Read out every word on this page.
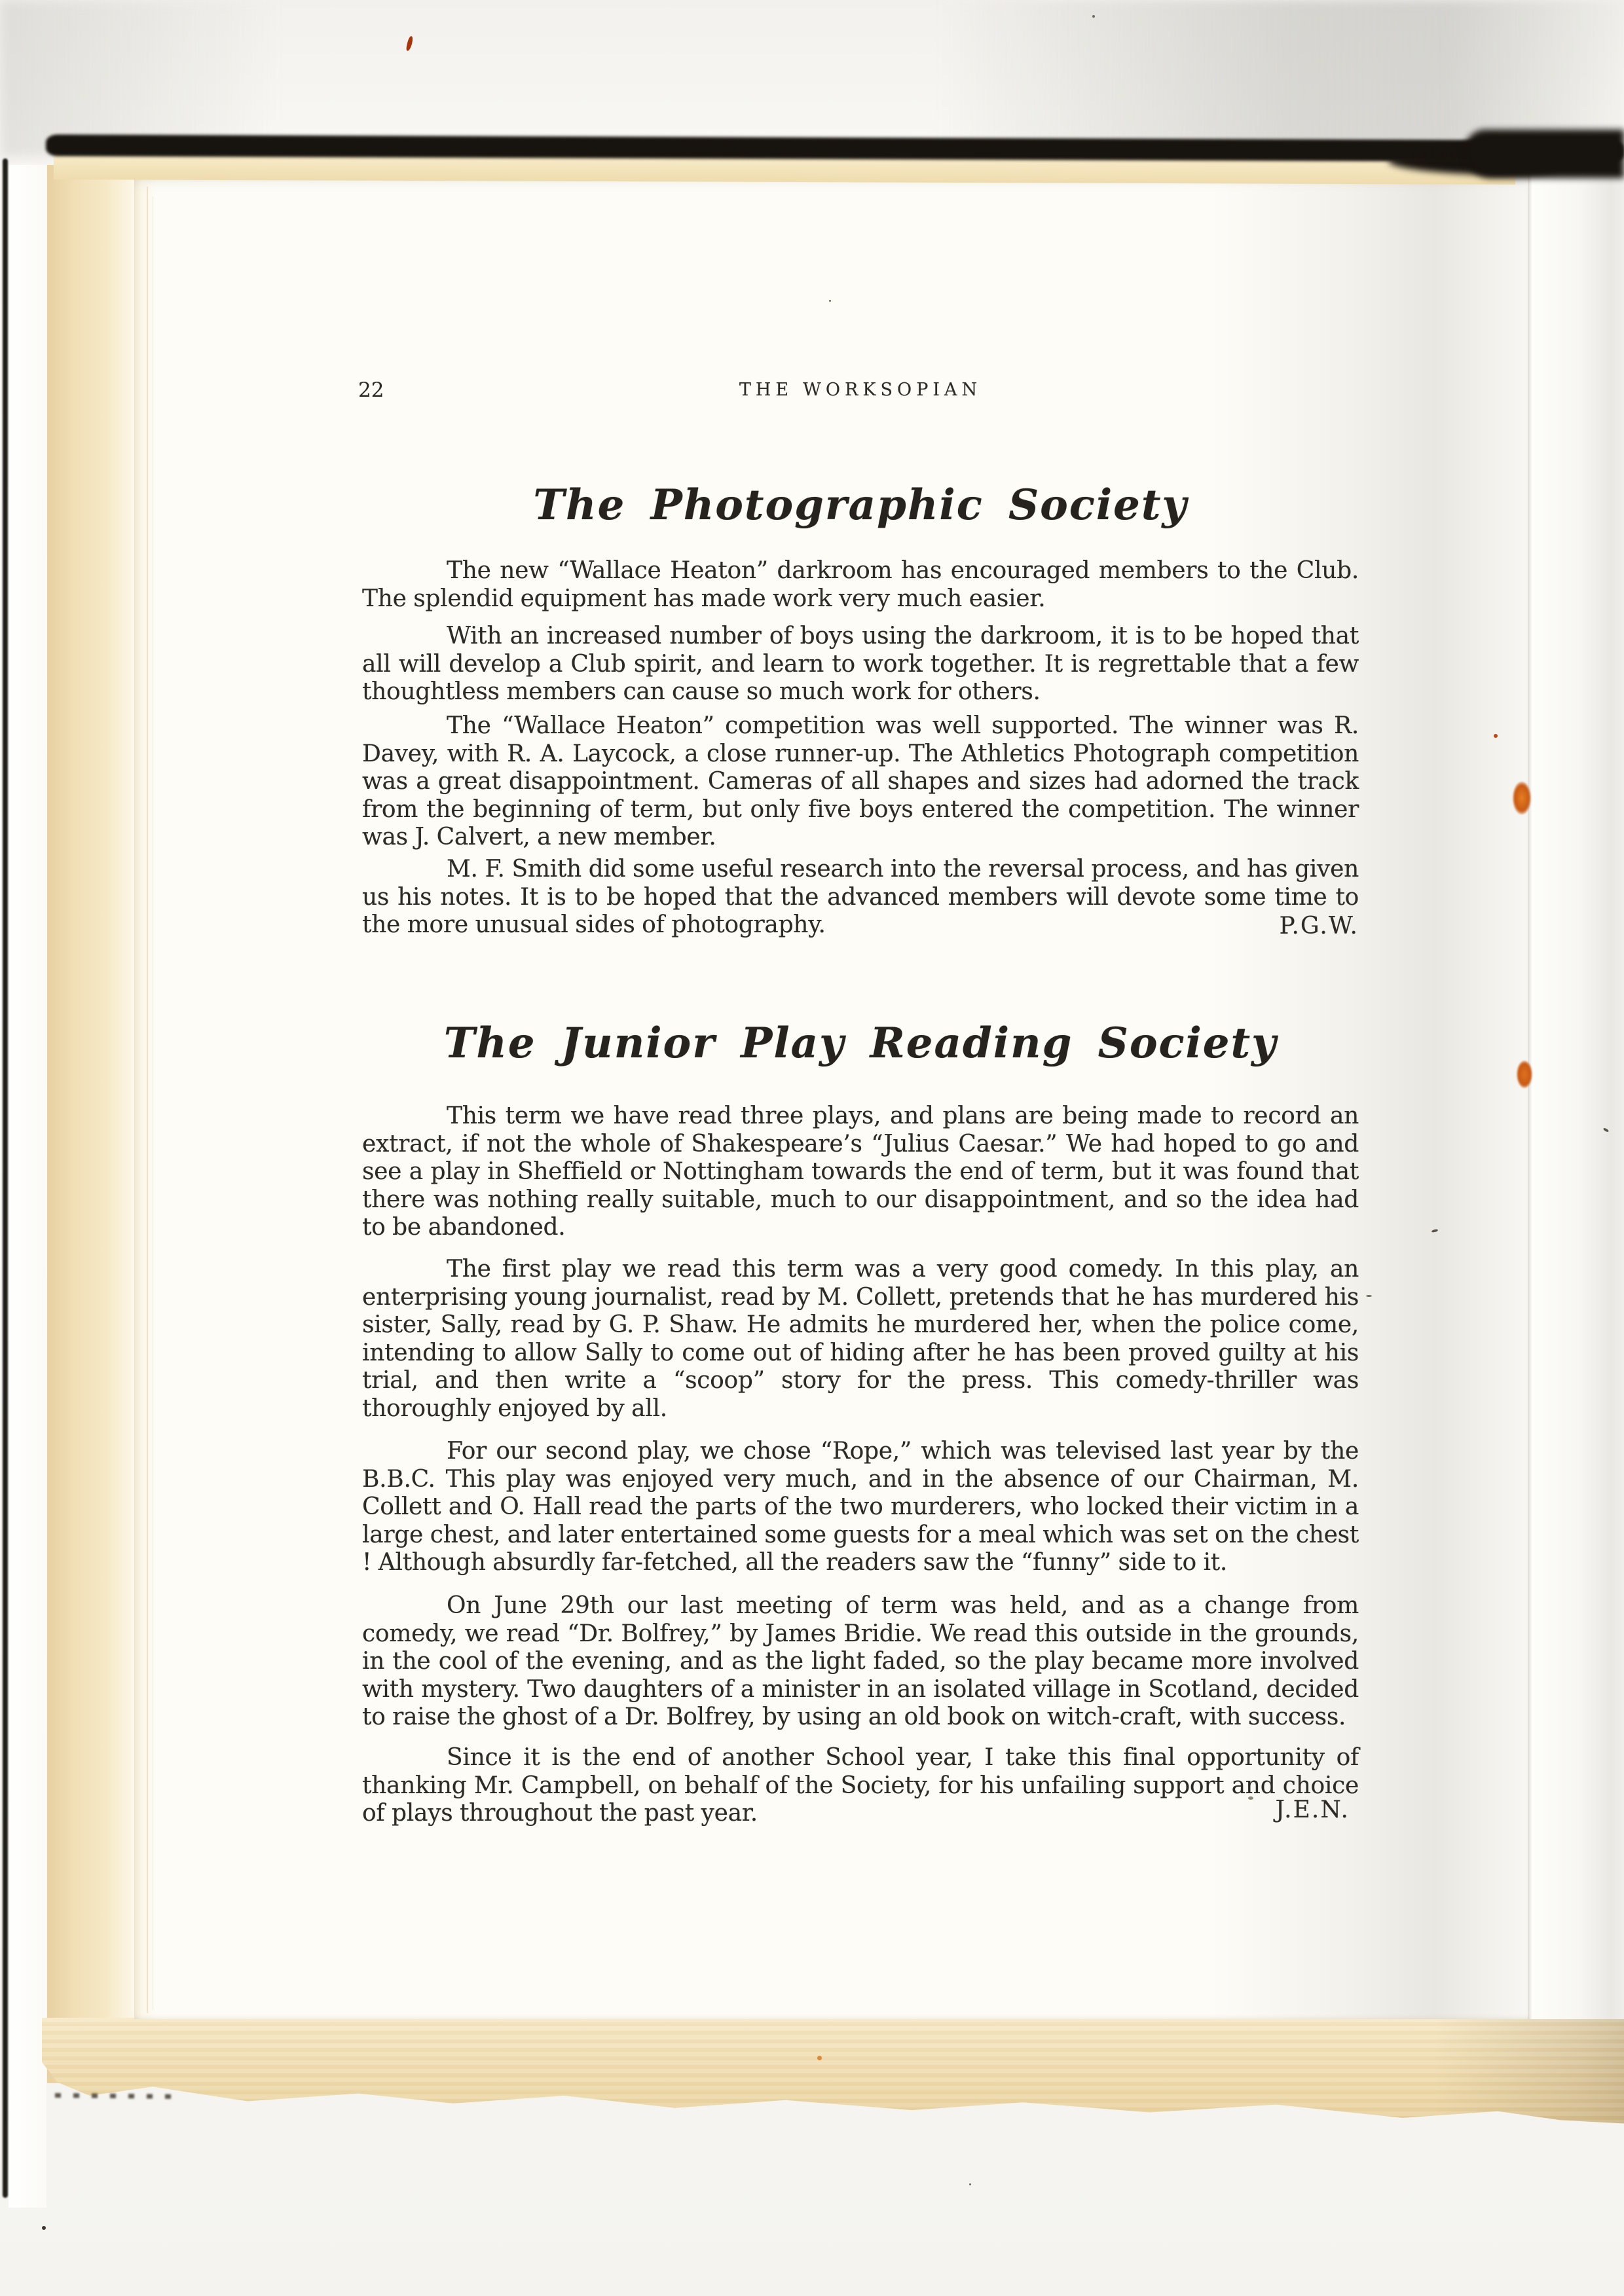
22	THE WORKSOPIAN
The Photographic Society

The new “Wallace Heaton” darkroom has encouraged members to the Club. The splendid equipment has made work very much easier.

With an increased number of boys using the darkroom, it is to be hoped that all will develop a Club spirit, and learn to work together. It is regrettable that a few thoughtless members can cause so much work for others.

The “Wallace Heaton” competition was well supported. The winner was R. Davey, with R. A. Laycock, a close runner-up. The Athletics Photograph competition was a great disappointment. Cameras of all shapes and sizes had adorned the track from the beginning of term, but only five boys entered the competition. The winner was J. Calvert, a new member.

M. F. Smith did some useful research into the reversal process, and has given us his notes. It is to be hoped that the advanced members will devote some time to the more unusual sides of photography.	P.G.W.
The Junior Play Reading Society

This term we have read three plays, and plans are being made to record an extract, if not the whole of Shakespeare’s “Julius Caesar.” We had hoped to go and see a play in Sheffield or Nottingham towards the end of term, but it was found that there was nothing really suitable, much to our disappointment, and so the idea had to be abandoned.

The first play we read this term was a very good comedy. In this play, an enterprising young journalist, read by M. Collett, pretends that he has murdered his sister, Sally, read by G. P. Shaw. He admits he murdered her, when the police come, intending to allow Sally to come out of hiding after he has been proved guilty at his trial, and then write a “scoop” story for the press. This comedy-thriller was thoroughly enjoyed by all.

For our second play, we chose “Rope,” which was televised last year by the B.B.C. This play was enjoyed very much, and in the absence of our Chairman, M. Collett and O. Hall read the parts of the two murderers, who locked their victim in a large chest, and later entertained some guests for a meal which was set on the chest ! Although absurdly far-fetched, all the readers saw the “funny” side to it.

On June 29th our last meeting of term was held, and as a change from comedy, we read “Dr. Bolfrey,” by James Bridie. We read this outside in the grounds, in the cool of the evening, and as the light faded, so the play became more involved with mystery. Two daughters of a minister in an isolated village in Scotland, decided to raise the ghost of a Dr. Bolfrey, by using an old book on witch-craft, with success.

Since it is the end of another School year, I take this final opportunity of thanking Mr. Campbell, on behalf of the Society, for his unfailing support and choice of plays throughout the past year.	J.E.N.
